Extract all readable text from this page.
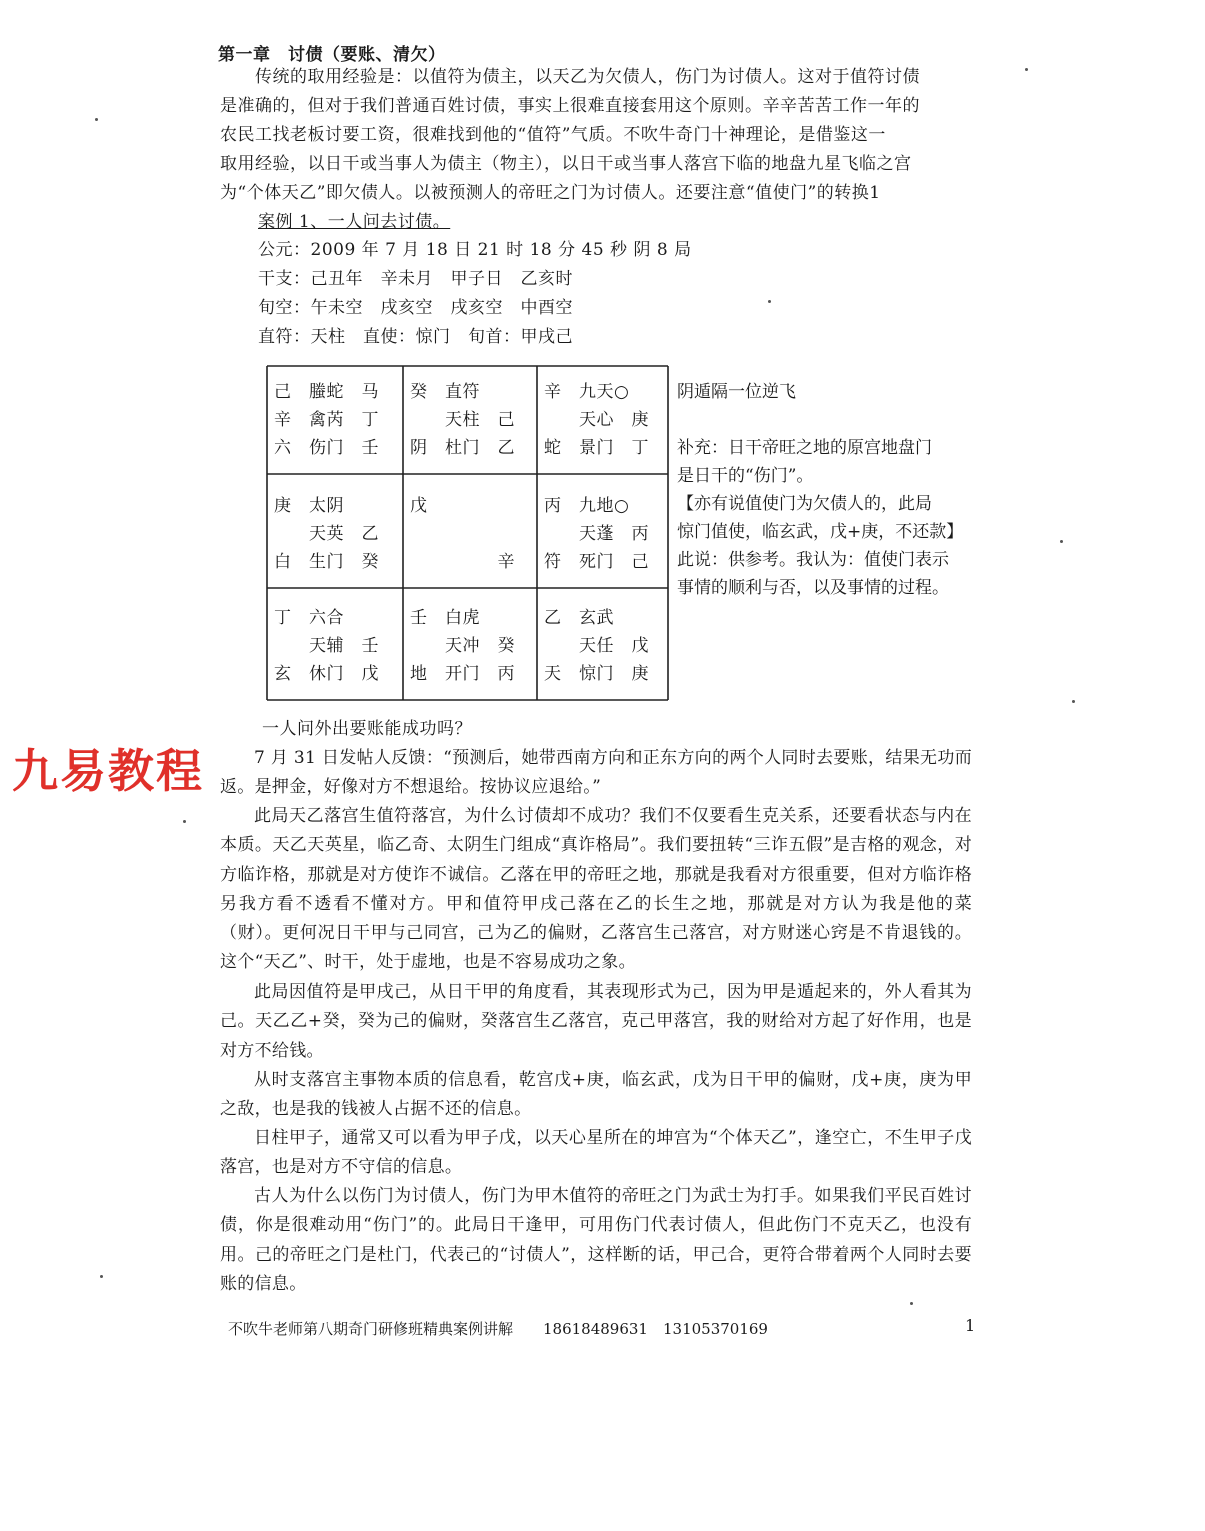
第一章　讨债（要账、清欠）
　　传统的取用经验是：以值符为债主，以天乙为欠债人，伤门为讨债人。这对于值符讨债
是准确的，但对于我们普通百姓讨债，事实上很难直接套用这个原则。辛辛苦苦工作一年的
农民工找老板讨要工资，很难找到他的“值符”气质。不吹牛奇门十神理论，是借鉴这一
取用经验，以日干或当事人为债主（物主），以日干或当事人落宫下临的地盘九星飞临之宫
为“个体天乙”即欠债人。以被预测人的帝旺之门为讨债人。还要注意“值使门”的转换1
案例 1、一人问去讨债。
公元：2009 年 7 月 18 日 21 时 18 分 45 秒 阴 8 局
干支：己丑年　辛未月　甲子日　乙亥时
旬空：午未空　戌亥空　戌亥空　中酉空
直符：天柱　直使：惊门　旬首：甲戌己
己　螣蛇　马
辛　禽芮　丁
六　伤门　壬
癸　直符　　
　　天柱　己
阴　杜门　乙
辛　九天○　
　　天心　庚
蛇　景门　丁
庚　太阴　　
　　天英　乙
白　生门　癸
戊　　　　　

　　　　　辛
丙　九地○　
　　天蓬　丙
符　死门　己
丁　六合　　
　　天辅　壬
玄　休门　戊
壬　白虎　　
　　天冲　癸
地　开门　丙
乙　玄武　　
　　天任　戊
天　惊门　庚
阴遁隔一位逆飞
补充：日干帝旺之地的原宫地盘门
是日干的“伤门”。
【亦有说值使门为欠债人的，此局
惊门值使，临玄武，戊+庚，不还款】
此说：供参考。我认为：值使门表示
事情的顺利与否，以及事情的过程。
一人问外出要账能成功吗？
九易教程	7 月 31 日发帖人反馈：“预测后，她带西南方向和正东方向的两个人同时去要账，结果无功而返。是押金，好像对方不想退给。按协议应退给。”
此局天乙落宫生值符落宫，为什么讨债却不成功？我们不仅要看生克关系，还要看状态与内在本质。天乙天英星，临乙奇、太阴生门组成“真诈格局”。我们要扭转“三诈五假”是吉格的观念，对方临诈格，那就是对方使诈不诚信。乙落在甲的帝旺之地，那就是我看对方很重要，但对方临诈格另我方看不透看不懂对方。甲和值符甲戌己落在乙的长生之地，那就是对方认为我是他的菜（财）。更何况日干甲与己同宫，己为乙的偏财，乙落宫生己落宫，对方财迷心窍是不肯退钱的。这个“天乙”、时干，处于虚地，也是不容易成功之象。
此局因值符是甲戌己，从日干甲的角度看，其表现形式为己，因为甲是遁起来的，外人看其为己。天乙乙+癸，癸为己的偏财，癸落宫生乙落宫，克己甲落宫，我的财给对方起了好作用，也是对方不给钱。
从时支落宫主事物本质的信息看，乾宫戊+庚，临玄武，戊为日干甲的偏财，戊+庚，庚为甲之敌，也是我的钱被人占据不还的信息。
日柱甲子，通常又可以看为甲子戊，以天心星所在的坤宫为“个体天乙”，逢空亡，不生甲子戊落宫，也是对方不守信的信息。
古人为什么以伤门为讨债人，伤门为甲木值符的帝旺之门为武士为打手。如果我们平民百姓讨债，你是很难动用“伤门”的。此局日干逢甲，可用伤门代表讨债人，但此伤门不克天乙，也没有用。己的帝旺之门是杜门，代表己的“讨债人”，这样断的话，甲己合，更符合带着两个人同时去要账的信息。
不吹牛老师第八期奇门研修班精典案例讲解　　18618489631　13105370169	1
